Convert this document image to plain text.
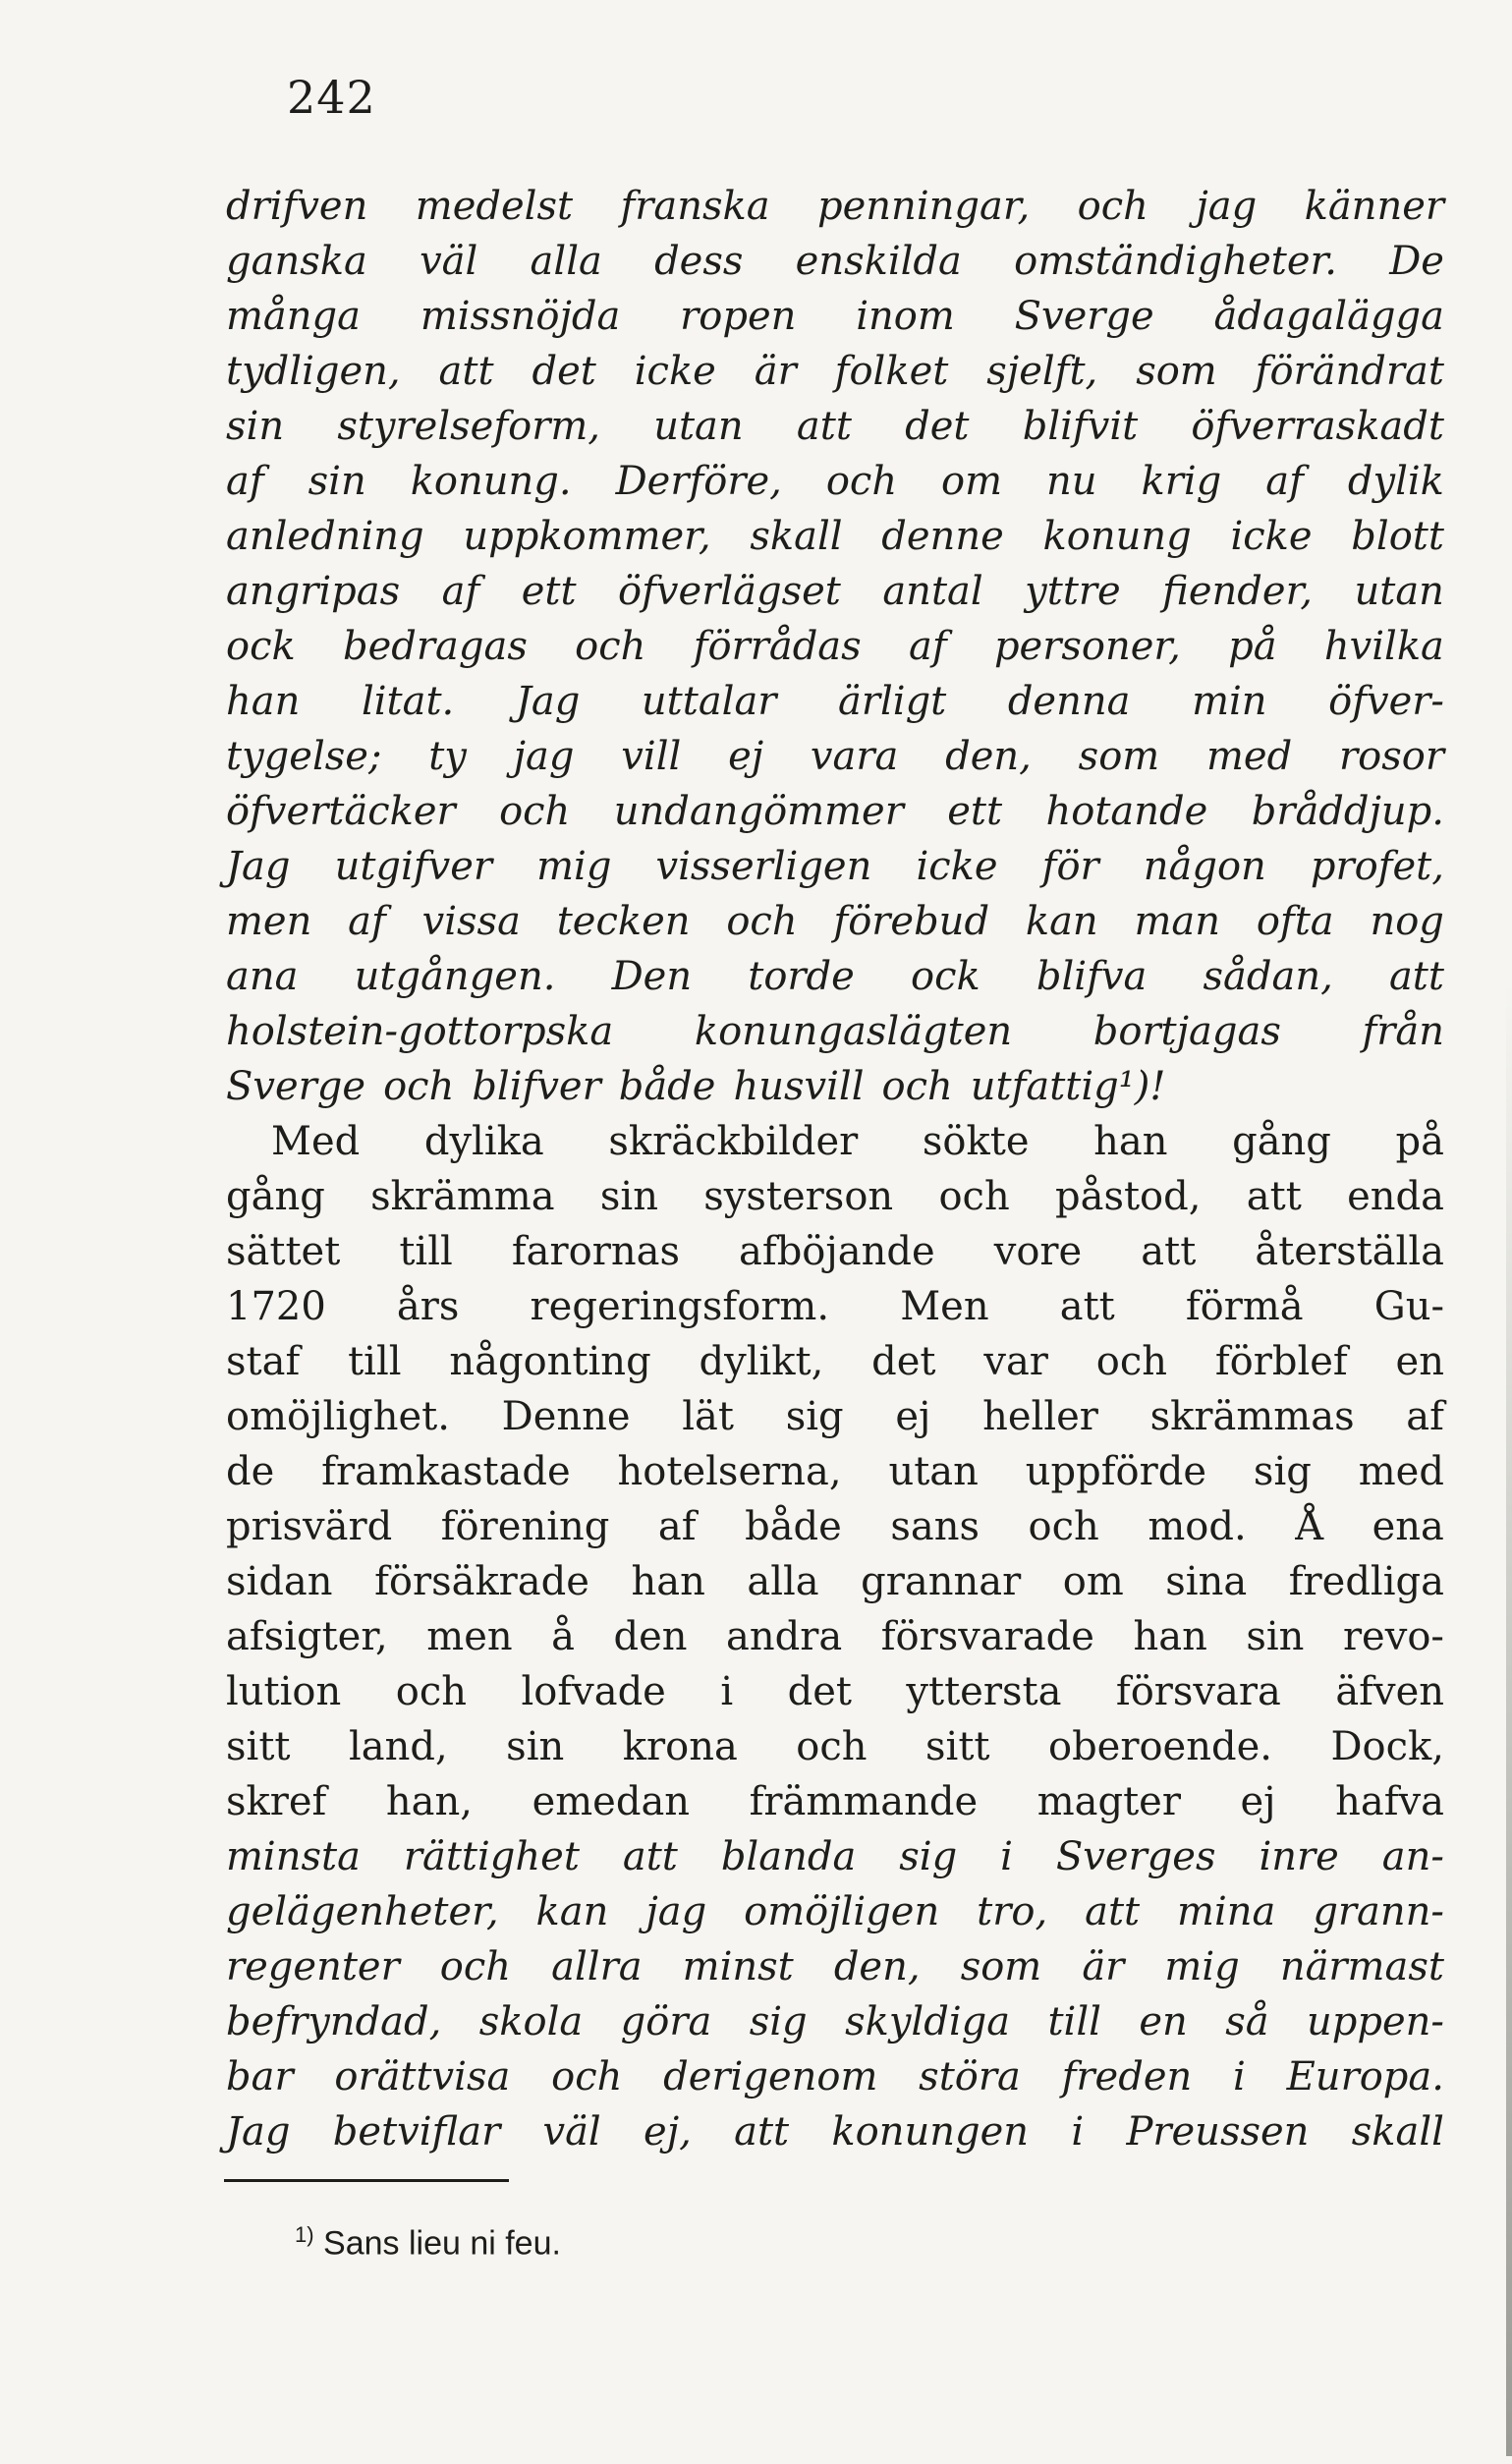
242
drifven medelst franska penningar, och jag känner
ganska väl alla dess enskilda omständigheter. De
många missnöjda ropen inom Sverge ådagalägga
tydligen, att det icke är folket sjelft, som förändrat
sin styrelseform, utan att det blifvit öfverraskadt
af sin konung. Derföre, och om nu krig af dylik
anledning uppkommer, skall denne konung icke blott
angripas af ett öfverlägset antal yttre fiender, utan
ock bedragas och förrådas af personer, på hvilka
han litat. Jag uttalar ärligt denna min öfver-
tygelse; ty jag vill ej vara den, som med rosor
öfvertäcker och undangömmer ett hotande bråddjup.
Jag utgifver mig visserligen icke för någon profet,
men af vissa tecken och förebud kan man ofta nog
ana utgången. Den torde ock blifva sådan, att
holstein-gottorpska konungaslägten bortjagas från
Sverge och blifver både husvill och utfattig¹)!
Med dylika skräckbilder sökte han gång på
gång skrämma sin systerson och påstod, att enda
sättet till farornas afböjande vore att återställa
1720 års regeringsform. Men att förmå Gu-
staf till någonting dylikt, det var och förblef en
omöjlighet. Denne lät sig ej heller skrämmas af
de framkastade hotelserna, utan uppförde sig med
prisvärd förening af både sans och mod. Å ena
sidan försäkrade han alla grannar om sina fredliga
afsigter, men å den andra försvarade han sin revo-
lution och lofvade i det yttersta försvara äfven
sitt land, sin krona och sitt oberoende. Dock,
skref han, emedan främmande magter ej hafva
minsta rättighet att blanda sig i Sverges inre an-
gelägenheter, kan jag omöjligen tro, att mina grann-
regenter och allra minst den, som är mig närmast
befryndad, skola göra sig skyldiga till en så uppen-
bar orättvisa och derigenom störa freden i Europa.
Jag betviflar väl ej, att konungen i Preussen skall
$^{1)}$ Sans lieu ni feu.
